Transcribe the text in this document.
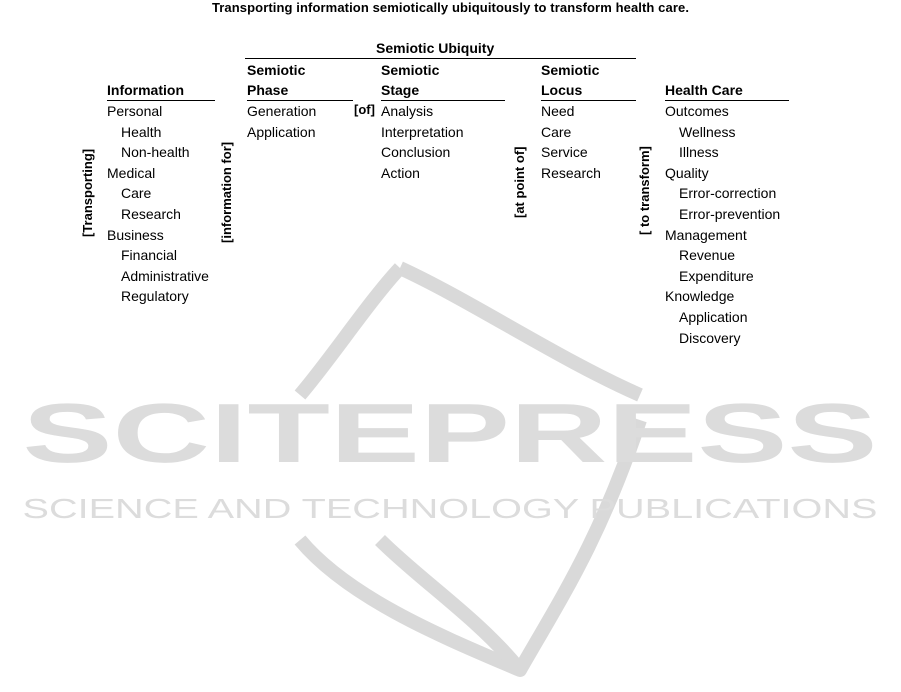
SCITEPRESS
SCIENCE AND TECHNOLOGY PUBLICATIONS
Transporting information semiotically ubiquitously to transform health care.
Semiotic Ubiquity
[Transporting]
Information
Personal
Health
Non-health
Medical
Care
Research
Business
Financial
Administrative
Regulatory
[information for]
Semiotic
Phase
Generation
Application
[of]
Semiotic
Stage
Analysis
Interpretation
Conclusion
Action	[at point of]
Semiotic
Locus
Need
Care
Service
Research	[ to transform]
Health Care
Outcomes
Wellness
Illness
Quality
Error-correction
Error-prevention
Management
Revenue
Expenditure
Knowledge
Application
Discovery
